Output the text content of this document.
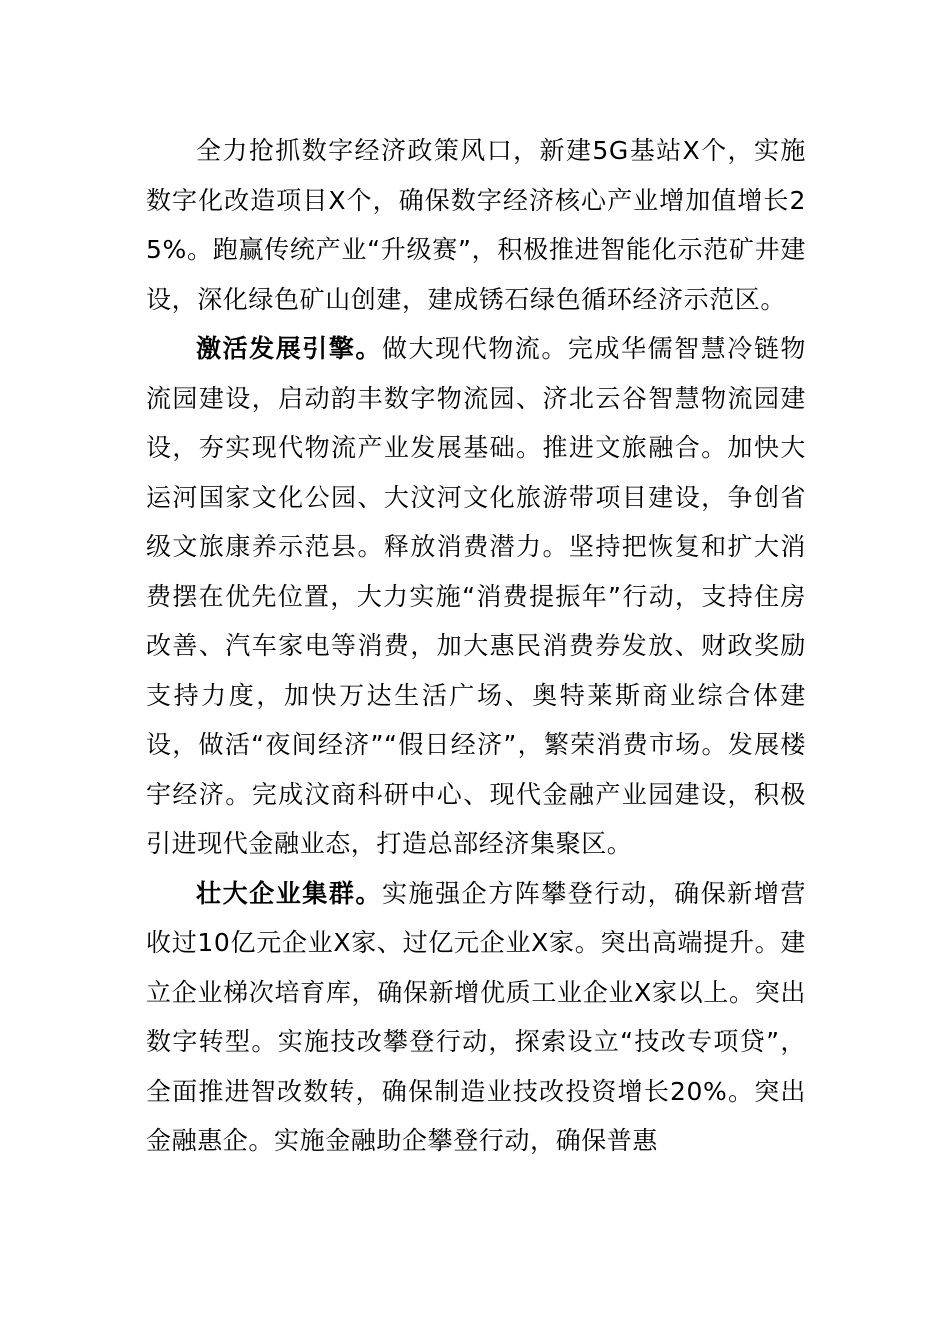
全力抢抓数字经济政策风口，新建5G基站X个，实施数字化改造项目X个，确保数字经济核心产业增加值增长25%。跑赢传统产业“升级赛”，积极推进智能化示范矿井建设，深化绿色矿山创建，建成锈石绿色循环经济示范区。

激活发展引擎。做大现代物流。完成华儒智慧冷链物流园建设，启动韵丰数字物流园、济北云谷智慧物流园建设，夯实现代物流产业发展基础。推进文旅融合。加快大运河国家文化公园、大汶河文化旅游带项目建设，争创省级文旅康养示范县。释放消费潜力。坚持把恢复和扩大消费摆在优先位置，大力实施“消费提振年”行动，支持住房改善、汽车家电等消费，加大惠民消费券发放、财政奖励支持力度，加快万达生活广场、奥特莱斯商业综合体建设，做活“夜间经济”“假日经济”，繁荣消费市场。发展楼宇经济。完成汶商科研中心、现代金融产业园建设，积极引进现代金融业态，打造总部经济集聚区。

壮大企业集群。实施强企方阵攀登行动，确保新增营收过10亿元企业X家、过亿元企业X家。突出高端提升。建立企业梯次培育库，确保新增优质工业企业X家以上。突出数字转型。实施技改攀登行动，探索设立“技改专项贷”，全面推进智改数转，确保制造业技改投资增长20%。突出金融惠企。实施金融助企攀登行动，确保普惠
